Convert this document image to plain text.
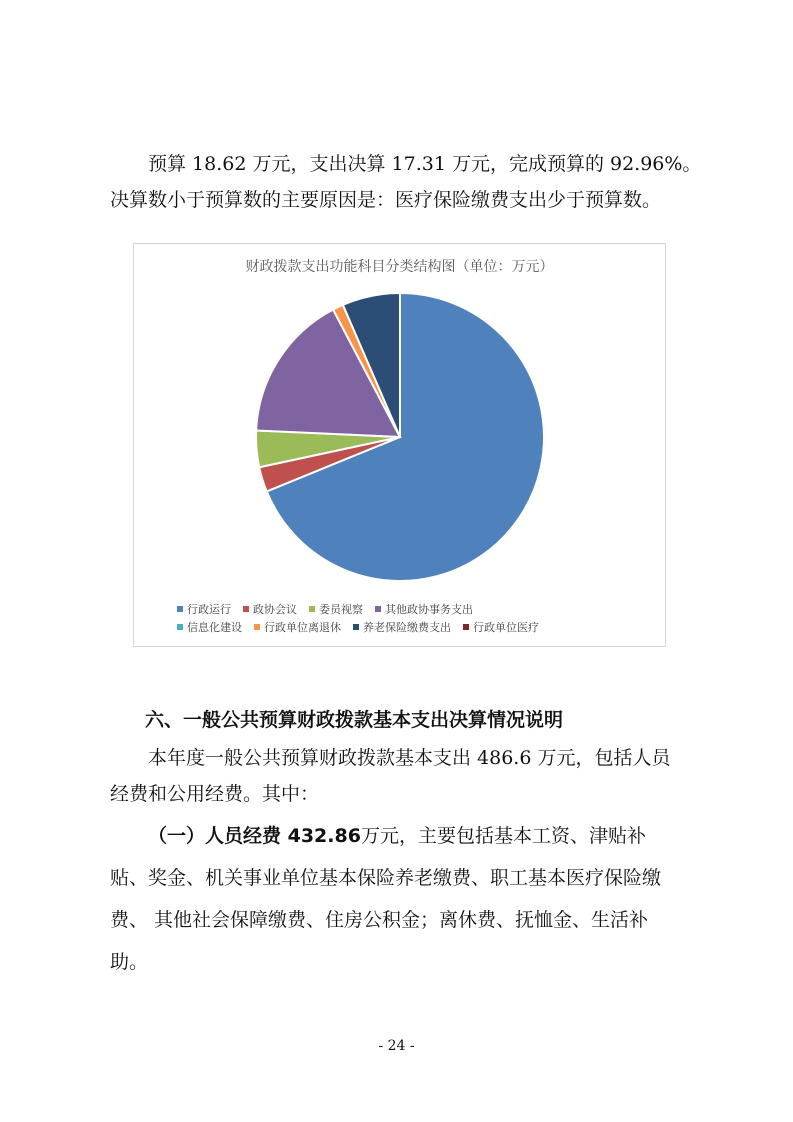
预算 18.62 万元，支出决算 17.31 万元，完成预算的 92.96%。

决算数小于预算数的主要原因是：医疗保险缴费支出少于预算数。

财政拨款支出功能科目分类结构图（单位：万元）
行政运行 政协会议 委员视察 其他政协事务支出
信息化建设 行政单位离退休 养老保险缴费支出 行政单位医疗
六、一般公共预算财政拨款基本支出决算情况说明

本年度一般公共预算财政拨款基本支出 486.6 万元，包括人员

经费和公用经费。其中：

（一）人员经费 432.86万元，主要包括基本工资、津贴补

贴、奖金、机关事业单位基本保险养老缴费、职工基本医疗保险缴

费、 其他社会保障缴费、住房公积金；离休费、抚恤金、生活补

助。

- 24 -
